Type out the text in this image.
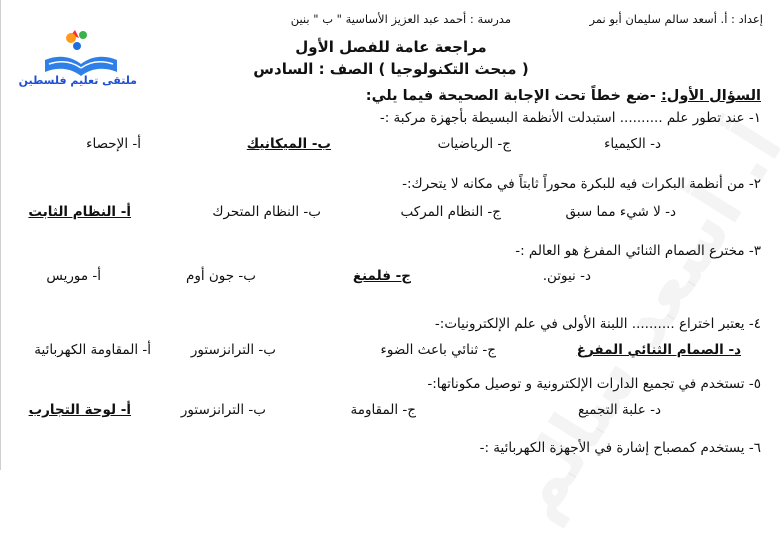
إعداد : أ. أسعد سالم سليمان أبو نمر
مدرسة : أحمد عبد العزيز الأساسية " ب " بنين
ملتقى تعليم فلسطين
مراجعة عامة للفصل الأول
( مبحث التكنولوجيا ) الصف : السادس
السؤال الأول: -ضع خطاً تحت الإجابة الصحيحة فيما يلي:
١- عند تطور علم .......... استبدلت الأنظمة البسيطة بأجهزة مركبة :-
أ- الإحصاء	ب- الميكانيك	ج- الرياضيات	د- الكيمياء
٢- من أنظمة البكرات فيه للبكرة محوراً ثابتاً في مكانه لا يتحرك:-
أ- النظام الثابت	ب- النظام المتحرك	ج- النظام المركب	د- لا شيء مما سبق
٣- مخترع الصمام الثنائي المفرغ هو العالم :-
أ- موريس	ب- جون أوم	ج- فلمنغ	د- نيوتن.
٤- يعتبر اختراع .......... اللبنة الأولى في علم الإلكترونيات:-
أ- المقاومة الكهربائية	ب- الترانزستور	ج- ثنائي باعث الضوء	د- الصمام الثنائي المفرغ
٥- تستخدم في تجميع الدارات الإلكترونية و توصيل مكوناتها:-
أ- لوحة التجارب	ب- الترانزستور	ج- المقاومة	د- علبة التجميع
٦- يستخدم كمصباح إشارة في الأجهزة الكهربائية :-
